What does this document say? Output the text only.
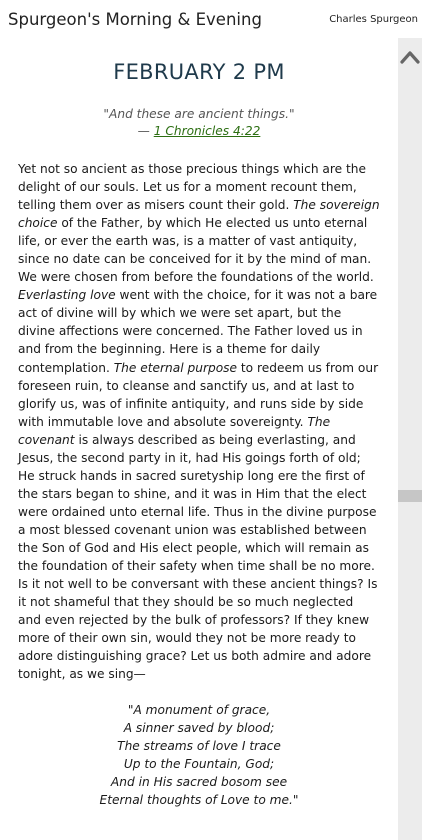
Spurgeon's Morning & Evening	Charles Spurgeon
FEBRUARY 2 PM
"And these are ancient things."
— 1 Chronicles 4:22
Yet not so ancient as those precious things which are the delight of our souls. Let us for a moment recount them, telling them over as misers count their gold. The sovereign choice of the Father, by which He elected us unto eternal life, or ever the earth was, is a matter of vast antiquity, since no date can be conceived for it by the mind of man. We were chosen from before the foundations of the world. Everlasting love went with the choice, for it was not a bare act of divine will by which we were set apart, but the divine affections were concerned. The Father loved us in and from the beginning. Here is a theme for daily contemplation. The eternal purpose to redeem us from our foreseen ruin, to cleanse and sanctify us, and at last to glorify us, was of infinite antiquity, and runs side by side with immutable love and absolute sovereignty. The covenant is always described as being everlasting, and Jesus, the second party in it, had His goings forth of old; He struck hands in sacred suretyship long ere the first of the stars began to shine, and it was in Him that the elect were ordained unto eternal life. Thus in the divine purpose a most blessed covenant union was established between the Son of God and His elect people, which will remain as the foundation of their safety when time shall be no more. Is it not well to be conversant with these ancient things? Is it not shameful that they should be so much neglected and even rejected by the bulk of professors? If they knew more of their own sin, would they not be more ready to adore distinguishing grace? Let us both admire and adore tonight, as we sing—
"A monument of grace,
A sinner saved by blood;
The streams of love I trace
Up to the Fountain, God;
And in His sacred bosom see
Eternal thoughts of Love to me."
